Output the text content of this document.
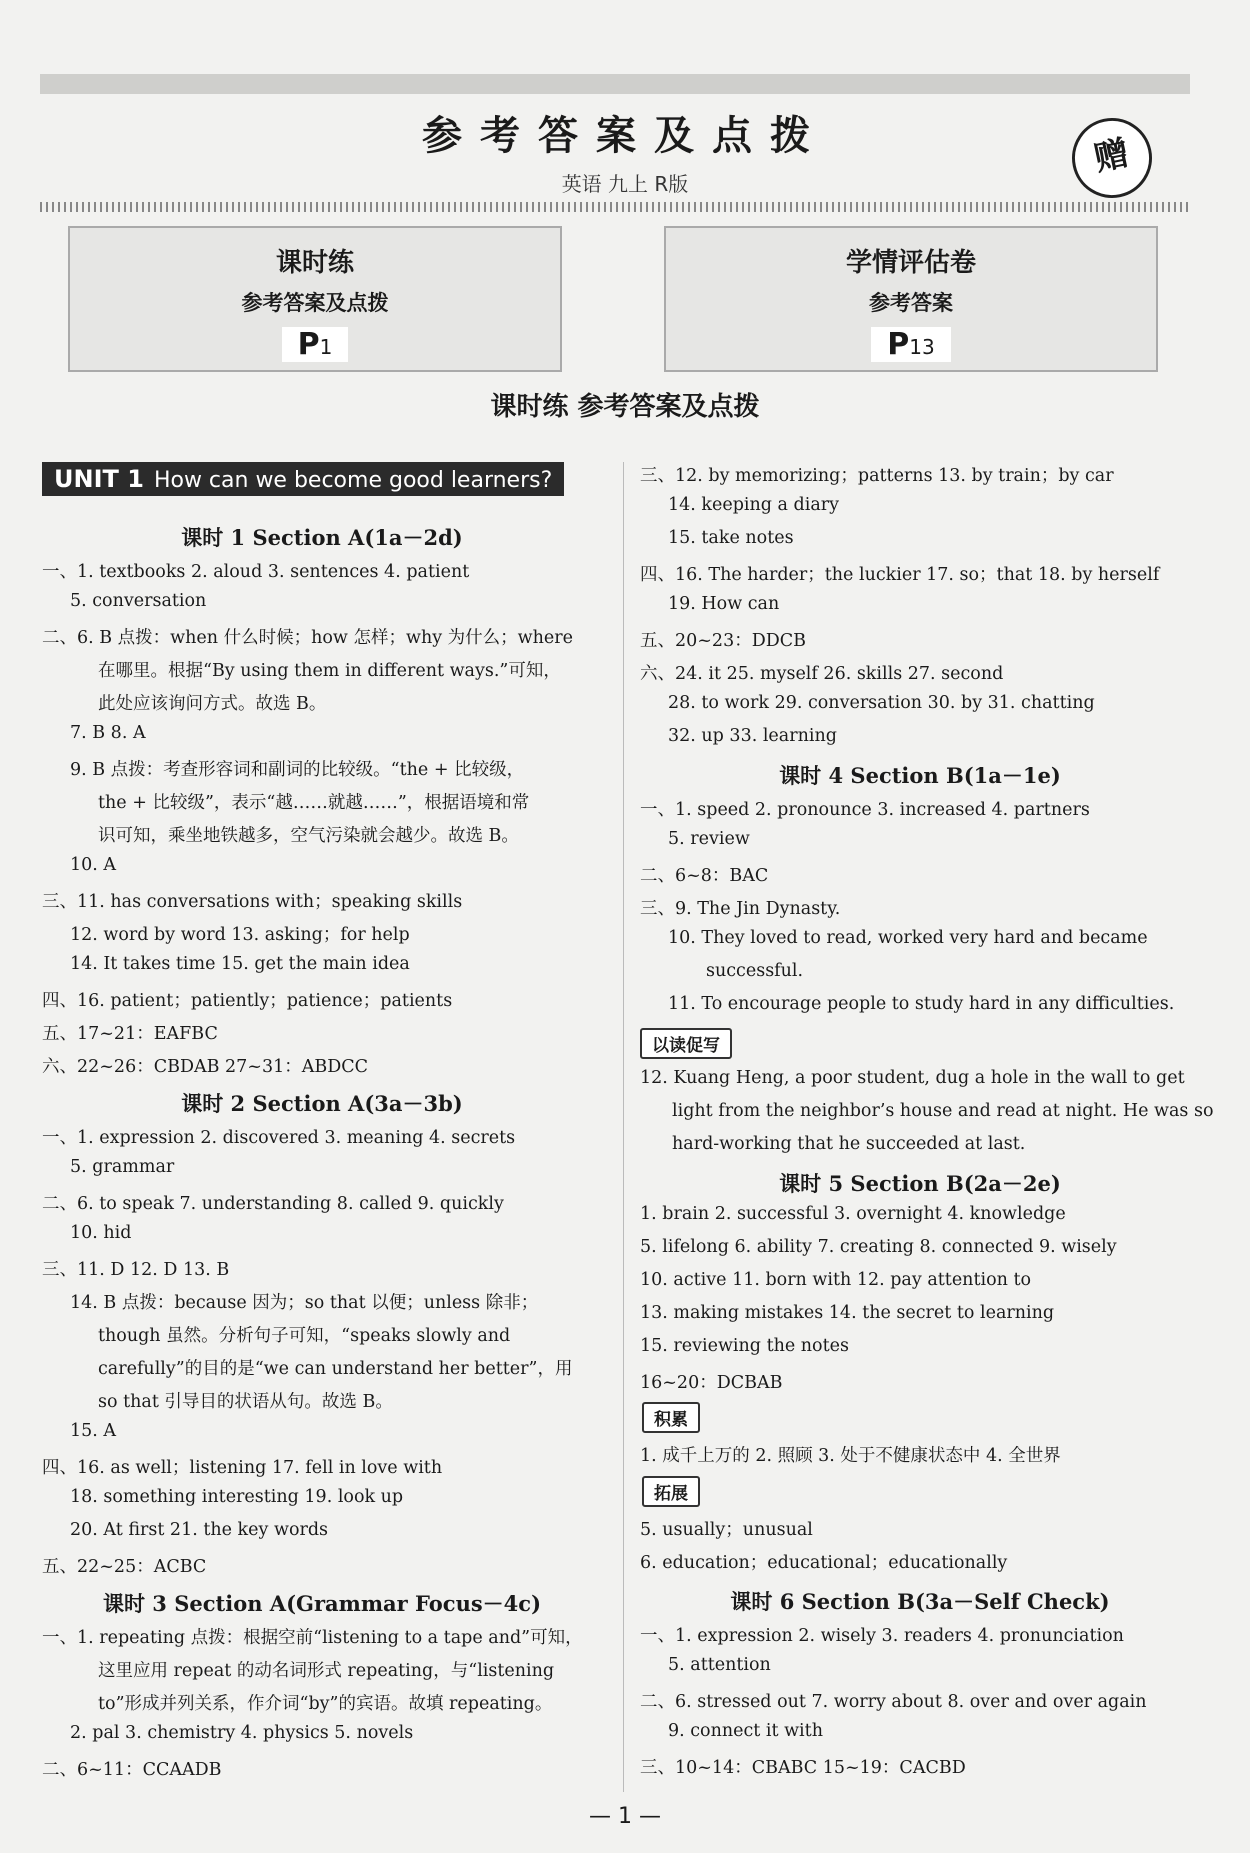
参考答案及点拨
英语 九上 R版
赠
课时练
参考答案及点拨
P1
学情评估卷
参考答案
P13
课时练 参考答案及点拨
UNIT 1 How can we become good learners?
课时 1 Section A(1a－2d)
一、1. textbooks 2. aloud 3. sentences 4. patient
5. conversation
二、6. B 点拨：when 什么时候；how 怎样；why 为什么；where
在哪里。根据“By using them in different ways.”可知，
此处应该询问方式。故选 B。
7. B 8. A
9. B 点拨：考查形容词和副词的比较级。“the + 比较级，
the + 比较级”，表示“越……就越……”，根据语境和常
识可知，乘坐地铁越多，空气污染就会越少。故选 B。
10. A
三、11. has conversations with；speaking skills
12. word by word 13. asking；for help
14. It takes time 15. get the main idea
四、16. patient；patiently；patience；patients
五、17~21：EAFBC
六、22~26：CBDAB 27~31：ABDCC
课时 2 Section A(3a－3b)
一、1. expression 2. discovered 3. meaning 4. secrets
5. grammar
二、6. to speak 7. understanding 8. called 9. quickly
10. hid
三、11. D 12. D 13. B
14. B 点拨：because 因为；so that 以便；unless 除非；
though 虽然。分析句子可知，“speaks slowly and
carefully”的目的是“we can understand her better”，用
so that 引导目的状语从句。故选 B。
15. A
四、16. as well；listening 17. fell in love with
18. something interesting 19. look up
20. At first 21. the key words
五、22~25：ACBC
课时 3 Section A(Grammar Focus－4c)
一、1. repeating 点拨：根据空前“listening to a tape and”可知，
这里应用 repeat 的动名词形式 repeating，与“listening
to”形成并列关系，作介词“by”的宾语。故填 repeating。
2. pal 3. chemistry 4. physics 5. novels
二、6~11：CCAADB
三、12. by memorizing；patterns 13. by train；by car
14. keeping a diary
15. take notes
四、16. The harder；the luckier 17. so；that 18. by herself
19. How can
五、20~23：DDCB
六、24. it 25. myself 26. skills 27. second
28. to work 29. conversation 30. by 31. chatting
32. up 33. learning
课时 4 Section B(1a－1e)
一、1. speed 2. pronounce 3. increased 4. partners
5. review
二、6~8：BAC
三、9. The Jin Dynasty.
10. They loved to read, worked very hard and became
successful.
11. To encourage people to study hard in any difficulties.
以读促写
12. Kuang Heng, a poor student, dug a hole in the wall to get
light from the neighbor’s house and read at night. He was so
hard-working that he succeeded at last.
课时 5 Section B(2a－2e)
1. brain 2. successful 3. overnight 4. knowledge
5. lifelong 6. ability 7. creating 8. connected 9. wisely
10. active 11. born with 12. pay attention to
13. making mistakes 14. the secret to learning
15. reviewing the notes
16~20：DCBAB
积累
1. 成千上万的 2. 照顾 3. 处于不健康状态中 4. 全世界
拓展
5. usually；unusual
6. education；educational；educationally
课时 6 Section B(3a－Self Check)
一、1. expression 2. wisely 3. readers 4. pronunciation
5. attention
二、6. stressed out 7. worry about 8. over and over again
9. connect it with
三、10~14：CBABC 15~19：CACBD
— 1 —
